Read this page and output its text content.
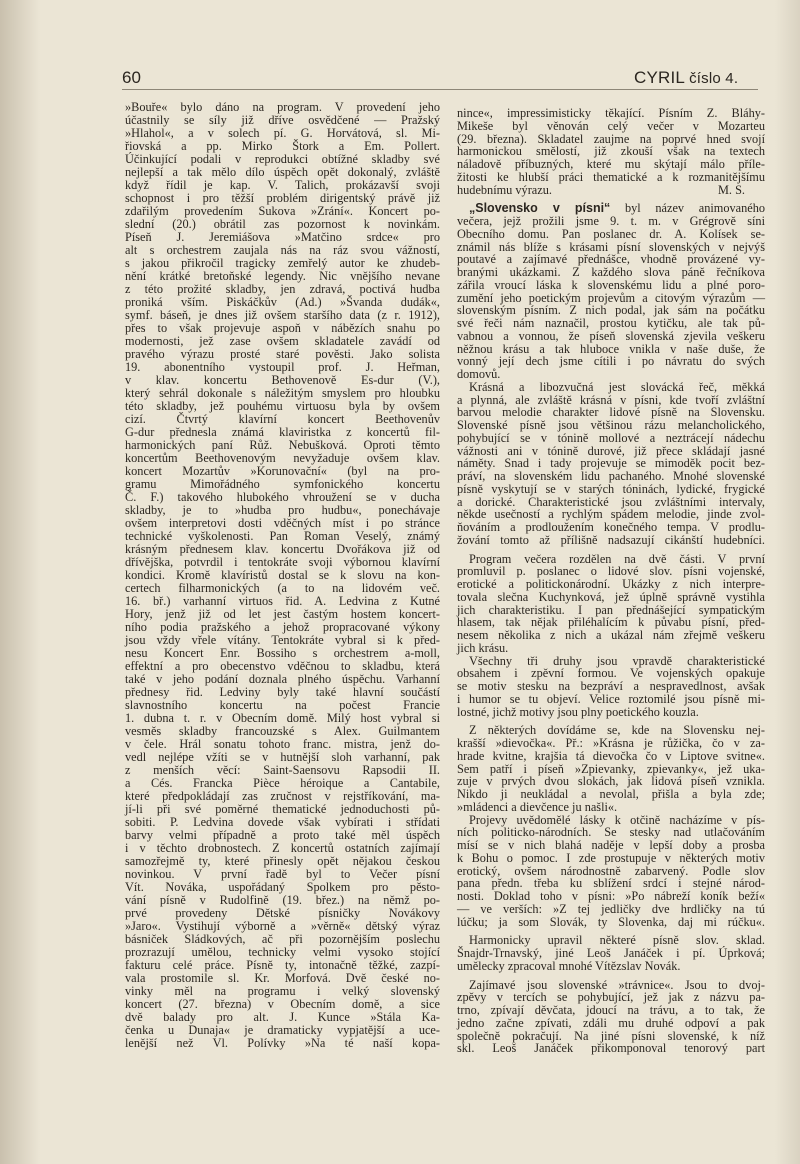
60	CYRIL číslo 4.
»Bouře« bylo dáno na program. V provedení jeho
účastnily se síly již dříve osvědčené — Pražský
»Hlahol«, a v solech pí. G. Horvátová, sl. Mi-
řiovská a pp. Mirko Štork a Em. Pollert.
Účinkující podali v reprodukci obtížné skladby své
nejlepší a tak mělo dílo úspěch opět dokonalý, zvláště
když řídil je kap. V. Talich, prokázavší svoji
schopnost i pro těžší problém dirigentský právě již
zdařilým provedením Sukova »Zrání«. Koncert po-
slední (20.) obrátil zas pozornost k novinkám.
Píseň J. Jeremiášova »Matčino srdce« pro
alt s orchestrem zaujala nás na ráz svou vážností,
s jakou přikročil tragicky zemřelý autor ke zhudeb-
nění krátké bretoňské legendy. Nic vnějšího nevane
z této prožité skladby, jen zdravá, poctivá hudba
proniká vším. Piskáčkův (Ad.) »Švanda dudák«,
symf. báseň, je dnes již ovšem staršího data (z r. 1912),
přes to však projevuje aspoň v nábězích snahu po
modernosti, jež zase ovšem skladatele zavádí od
pravého výrazu prosté staré pověsti. Jako solista
19. abonentního vystoupil prof. J. Heřman,
v klav. koncertu Bethovenově Es-dur (V.),
který sehrál dokonale s náležitým smyslem pro hloubku
této skladby, jež pouhému virtuosu byla by ovšem
cizí. Čtvrtý klavírní koncert Beethovenův
G-dur přednesla známá klaviristka z koncertů fil-
harmonických paní Růž. Nebušková. Oproti těmto
koncertům Beethovenovým nevyžaduje ovšem klav.
koncert Mozartův »Korunovační« (byl na pro-
gramu Mimořádného symfonického koncertu
Č. F.) takového hlubokého vhroužení se v ducha
skladby, je to »hudba pro hudbu«, ponechávaje
ovšem interpretovi dosti vděčných míst i po stránce
technické vyškolenosti. Pan Roman Veselý, známý
krásným přednesem klav. koncertu Dvořákova již od
dřívějška, potvrdil i tentokráte svoji výbornou klavírní
kondici. Kromě klavíristů dostal se k slovu na kon-
certech filharmonických (a to na lidovém več.
16. bř.) varhanní virtuos řid. A. Ledvina z Kutné
Hory, jenž již od let jest častým hostem koncert-
ního podia pražského a jehož propracované výkony
jsou vždy vřele vítány. Tentokráte vybral si k před-
nesu Koncert Enr. Bossiho s orchestrem a-moll,
effektní a pro obecenstvo vděčnou to skladbu, která
také v jeho podání doznala plného úspěchu. Varhanní
přednesy řid. Ledviny byly také hlavní součástí
slavnostního koncertu na počest Francie
1. dubna t. r. v Obecním domě. Milý host vybral si
vesměs skladby francouzské s Alex. Guilmantem
v čele. Hrál sonatu tohoto franc. mistra, jenž do-
vedl nejlépe vžíti se v hutnější sloh varhanní, pak
z menších věcí: Saint-Saensovu Rapsodii II.
a Cés. Francka Pièce héroique a Cantabile,
které předpokládají zas zručnost v rejstříkování, ma-
jí-li při své poměrné thematické jednoduchosti pů-
sobiti. P. Ledvina dovede však vybírati i střídati
barvy velmi případně a proto také měl úspěch
i v těchto drobnostech. Z koncertů ostatních zajímají
samozřejmě ty, které přinesly opět nějakou českou
novinkou. V první řadě byl to Večer písní
Vít. Nováka, uspořádaný Spolkem pro pěsto-
vání písně v Rudolfině (19. břez.) na němž po-
prvé provedeny Dětské písničky Novákovy
»Jaro«. Vystihují výborně a »věrně« dětský výraz
básniček Sládkových, ač při pozornějším poslechu
prozrazují umělou, technicky velmi vysoko stojící
fakturu celé práce. Písně ty, intonačně těžké, zazpí-
vala prostomile sl. Kr. Morfová. Dvě české no-
vinky měl na programu i velký slovenský
koncert (27. března) v Obecním domě, a sice
dvě balady pro alt. J. Kunce »Stála Ka-
čenka u Dunaja« je dramaticky vypjatější a uce-
lenější než Vl. Polívky »Na té naší kopa-
nince«, impressimisticky těkající. Písním Z. Bláhy-
Mikeše byl věnován celý večer v Mozarteu
(29. března). Skladatel zaujme na poprvé hned svojí
harmonickou smělostí, již zkouší však na textech
náladově příbuzných, které mu skýtají málo příle-
žitosti ke hlubší práci thematické a k rozmanitějšímu
M. S.
hudebnímu výrazu.
„Slovensko v písni“ byl název animovaného
večera, jejž prožili jsme 9. t. m. v Grégrově síni
Obecního domu. Pan poslanec dr. A. Kolísek se-
známil nás blíže s krásami písní slovenských v nejvýš
poutavé a zajímavé přednášce, vhodně provázené vy-
branými ukázkami. Z každého slova páně řečníkova
zářila vroucí láska k slovenskému lidu a plné poro-
zumění jeho poetickým projevům a citovým výrazům —
slovenským písním. Z nich podal, jak sám na počátku
své řeči nám naznačil, prostou kytičku, ale tak pů-
vabnou a vonnou, že píseň slovenská zjevila veškeru
něžnou krásu a tak hluboce vnikla v naše duše, že
vonný její dech jsme cítili i po návratu do svých
domovů.
Krásná a libozvučná jest slovácká řeč, měkká
a plynná, ale zvláště krásná v písni, kde tvoří zvláštní
barvou melodie charakter lidové písně na Slovensku.
Slovenské písně jsou většinou rázu melancholického,
pohybující se v tónině mollové a neztrácejí nádechu
vážnosti ani v tónině durové, již přece skládají jasné
náměty. Snad i tady projevuje se mimoděk pocit bez-
práví, na slovenském lidu pachaného. Mnohé slovenské
písně vyskytují se v starých tóninách, lydické, frygické
a dorické. Charakteristické jsou zvláštními intervaly,
někde usečností a rychlým spádem melodie, jinde zvol-
ňováním a prodloužením konečného tempa. V prodlu-
žování tomto až přílišně nadsazují cikánští hudebníci.
Program večera rozdělen na dvě části. V první
promluvil p. poslanec o lidové slov. písni vojenské,
erotické a politickonárodní. Ukázky z nich interpre-
tovala slečna Kuchynková, jež úplně správně vystihla
jich charakteristiku. I pan přednášející sympatickým
hlasem, tak nějak přiléhalícím k půvabu písní, před-
nesem několika z nich a ukázal nám zřejmě veškeru
jich krásu.
Všechny tři druhy jsou vpravdě charakteristické
obsahem i zpěvní formou. Ve vojenských opakuje
se motiv stesku na bezpráví a nespravedlnost, avšak
i humor se tu objeví. Velice roztomilé jsou písně mi-
lostné, jichž motivy jsou plny poetického kouzla.
Z některých dovídáme se, kde na Slovensku nej-
krašší »dievočka«. Př.: »Krásna je růžička, čo v za-
hrade kvitne, krajšia tá dievočka čo v Liptove svitne«.
Sem patří i píseň »Zpievanky, zpievanky«, jež uka-
zuje v prvých dvou slokách, jak lidová píseň vznikla.
Nikdo ji neukládal a nevolal, přišla a byla zde;
»mládenci a dievčence ju našli«.
Projevy uvědomělé lásky k otčině nacházíme v pís-
ních politicko-národních. Se stesky nad utlačováním
mísí se v nich blahá naděje v lepší doby a prosba
k Bohu o pomoc. I zde prostupuje v některých motiv
erotický, ovšem národnostně zabarvený. Podle slov
pana předn. třeba ku sblížení srdcí i stejné národ-
nosti. Doklad toho v písni: »Po nábreží koník beží«
— ve verších: »Z tej jedličky dve hrdličky na tú
lúčku; ja som Slovák, ty Slovenka, daj mi rúčku«.
Harmonicky upravil některé písně slov. sklad.
Šnajdr-Trnavský, jiné Leoš Janáček i pí. Úprková;
umělecky zpracoval mnohé Vítězslav Novák.
Zajímavé jsou slovenské »trávnice«. Jsou to dvoj-
zpěvy v tercích se pohybující, jež jak z názvu pa-
trno, zpívají děvčata, jdoucí na trávu, a to tak, že
jedno začne zpívati, zdáli mu druhé odpoví a pak
společně pokračují. Na jiné písni slovenské, k níž
skl. Leoš Janáček přikomponoval tenorový part
